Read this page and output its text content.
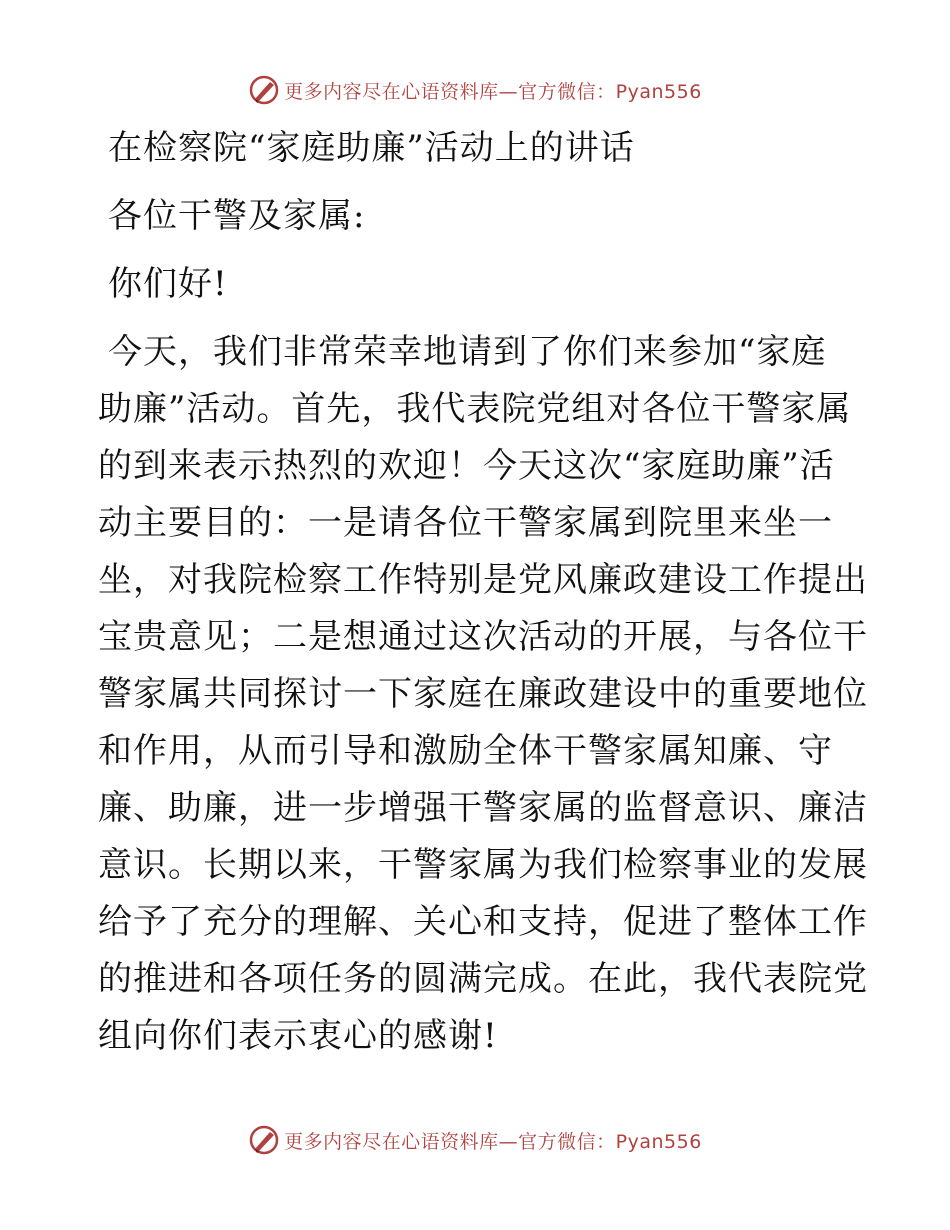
更多内容尽在心语资料库—官方微信：Pyan556
在检察院“家庭助廉”活动上的讲话
各位干警及家属:
你们好!
今天，我们非常荣幸地请到了你们来参加“家庭
助廉”活动。首先，我代表院党组对各位干警家属
的到来表示热烈的欢迎！今天这次“家庭助廉”活
动主要目的：一是请各位干警家属到院里来坐一
坐，对我院检察工作特别是党风廉政建设工作提出
宝贵意见；二是想通过这次活动的开展，与各位干
警家属共同探讨一下家庭在廉政建设中的重要地位
和作用，从而引导和激励全体干警家属知廉、守
廉、助廉，进一步增强干警家属的监督意识、廉洁
意识。长期以来，干警家属为我们检察事业的发展
给予了充分的理解、关心和支持，促进了整体工作
的推进和各项任务的圆满完成。在此，我代表院党
组向你们表示衷心的感谢!
更多内容尽在心语资料库—官方微信：Pyan556
